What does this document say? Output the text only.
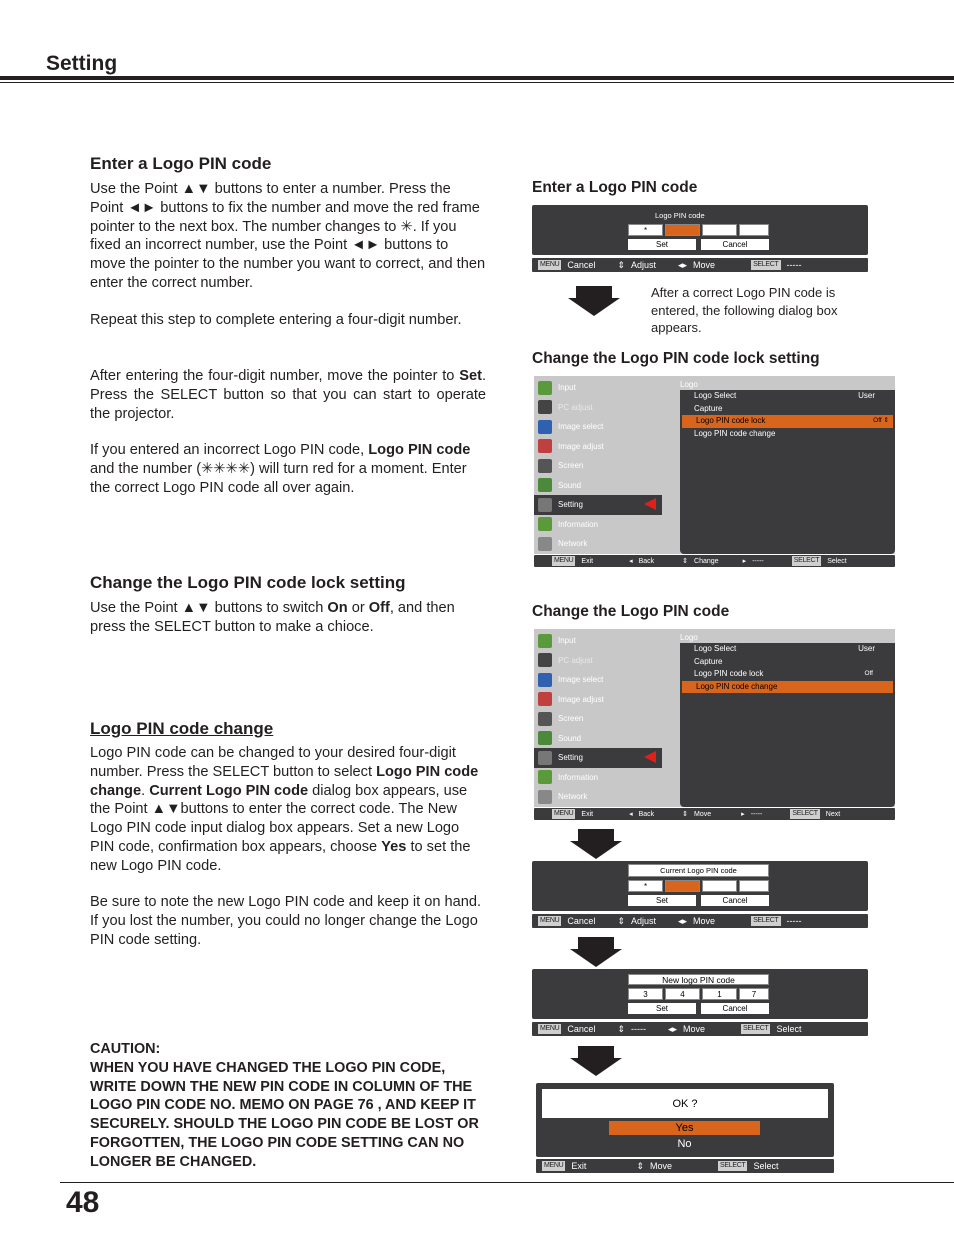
Setting
Enter a Logo PIN code
Use the Point ▲▼ buttons to enter a number. Press the Point ◄► buttons to fix the number and move the red frame pointer to the next box. The number changes to ✳. If you fixed an incorrect number, use the Point ◄► buttons to move the pointer to the number you want to correct, and then enter the correct number.
Repeat this step to complete entering a four-digit number.
After entering the four-digit number, move the pointer to Set. Press the SELECT button so that you can start to operate the projector.
If you entered an incorrect Logo PIN code, Logo PIN code and the number (✳✳✳✳) will turn red for a moment. Enter the correct Logo PIN code all over again.
Change the Logo PIN code lock setting
Use the Point ▲▼ buttons to switch On or Off, and then press the SELECT button to make a chioce.
Logo PIN code change
Logo PIN code can be changed to your desired four-digit number. Press the SELECT button to select Logo PIN code change. Current Logo PIN code dialog box appears, use the Point ▲▼buttons to enter the correct code. The New Logo PIN code input dialog box appears. Set a new Logo PIN code, confirmation box appears, choose Yes to set the new Logo PIN code.
Be sure to note the new Logo PIN code and keep it on hand. If you lost the number, you could no longer change the Logo PIN code setting.
CAUTION:
WHEN YOU HAVE CHANGED THE LOGO PIN CODE, WRITE DOWN THE NEW PIN CODE IN COLUMN OF THE LOGO PIN CODE NO. MEMO ON PAGE 76 , AND KEEP IT SECURELY. SHOULD THE LOGO PIN CODE BE LOST OR FORGOTTEN, THE LOGO PIN CODE SETTING CAN NO LONGER BE CHANGED.
Enter a Logo PIN code
Logo PIN code
*
Set	Cancel
MENU Cancel ⇕ Adjust ◂▸ Move	SELECT -----
After a correct Logo PIN code is entered, the following dialog box appears.
Change the Logo PIN code lock setting
Input
PC adjust
Image select
Image adjust
Screen
Sound
Setting
Information
Network
Logo
Logo Select	User
Capture
Logo PIN code lock	Off ⇕
Logo PIN code change
MENU Exit	◂ Back	⇕ Change	▸ -----	SELECT Select
Change the Logo PIN code
Input
PC adjust
Image select
Image adjust
Screen
Sound
Setting
Information
Network
Logo
Logo Select	User
Capture
Logo PIN code lock	Off
Logo PIN code change
MENU Exit	◂ Back	⇕ Move	▸ -----	SELECT Next
Current Logo PIN code
*
Set	Cancel
MENU Cancel ⇕ Adjust ◂▸ Move	SELECT -----
New logo PIN code
3	4	1	7
Set	Cancel
MENU Cancel ⇕ ----- ◂▸ Move	SELECT Select
OK ?
Yes
No
MENU Exit	⇕ Move	SELECT Select
48
